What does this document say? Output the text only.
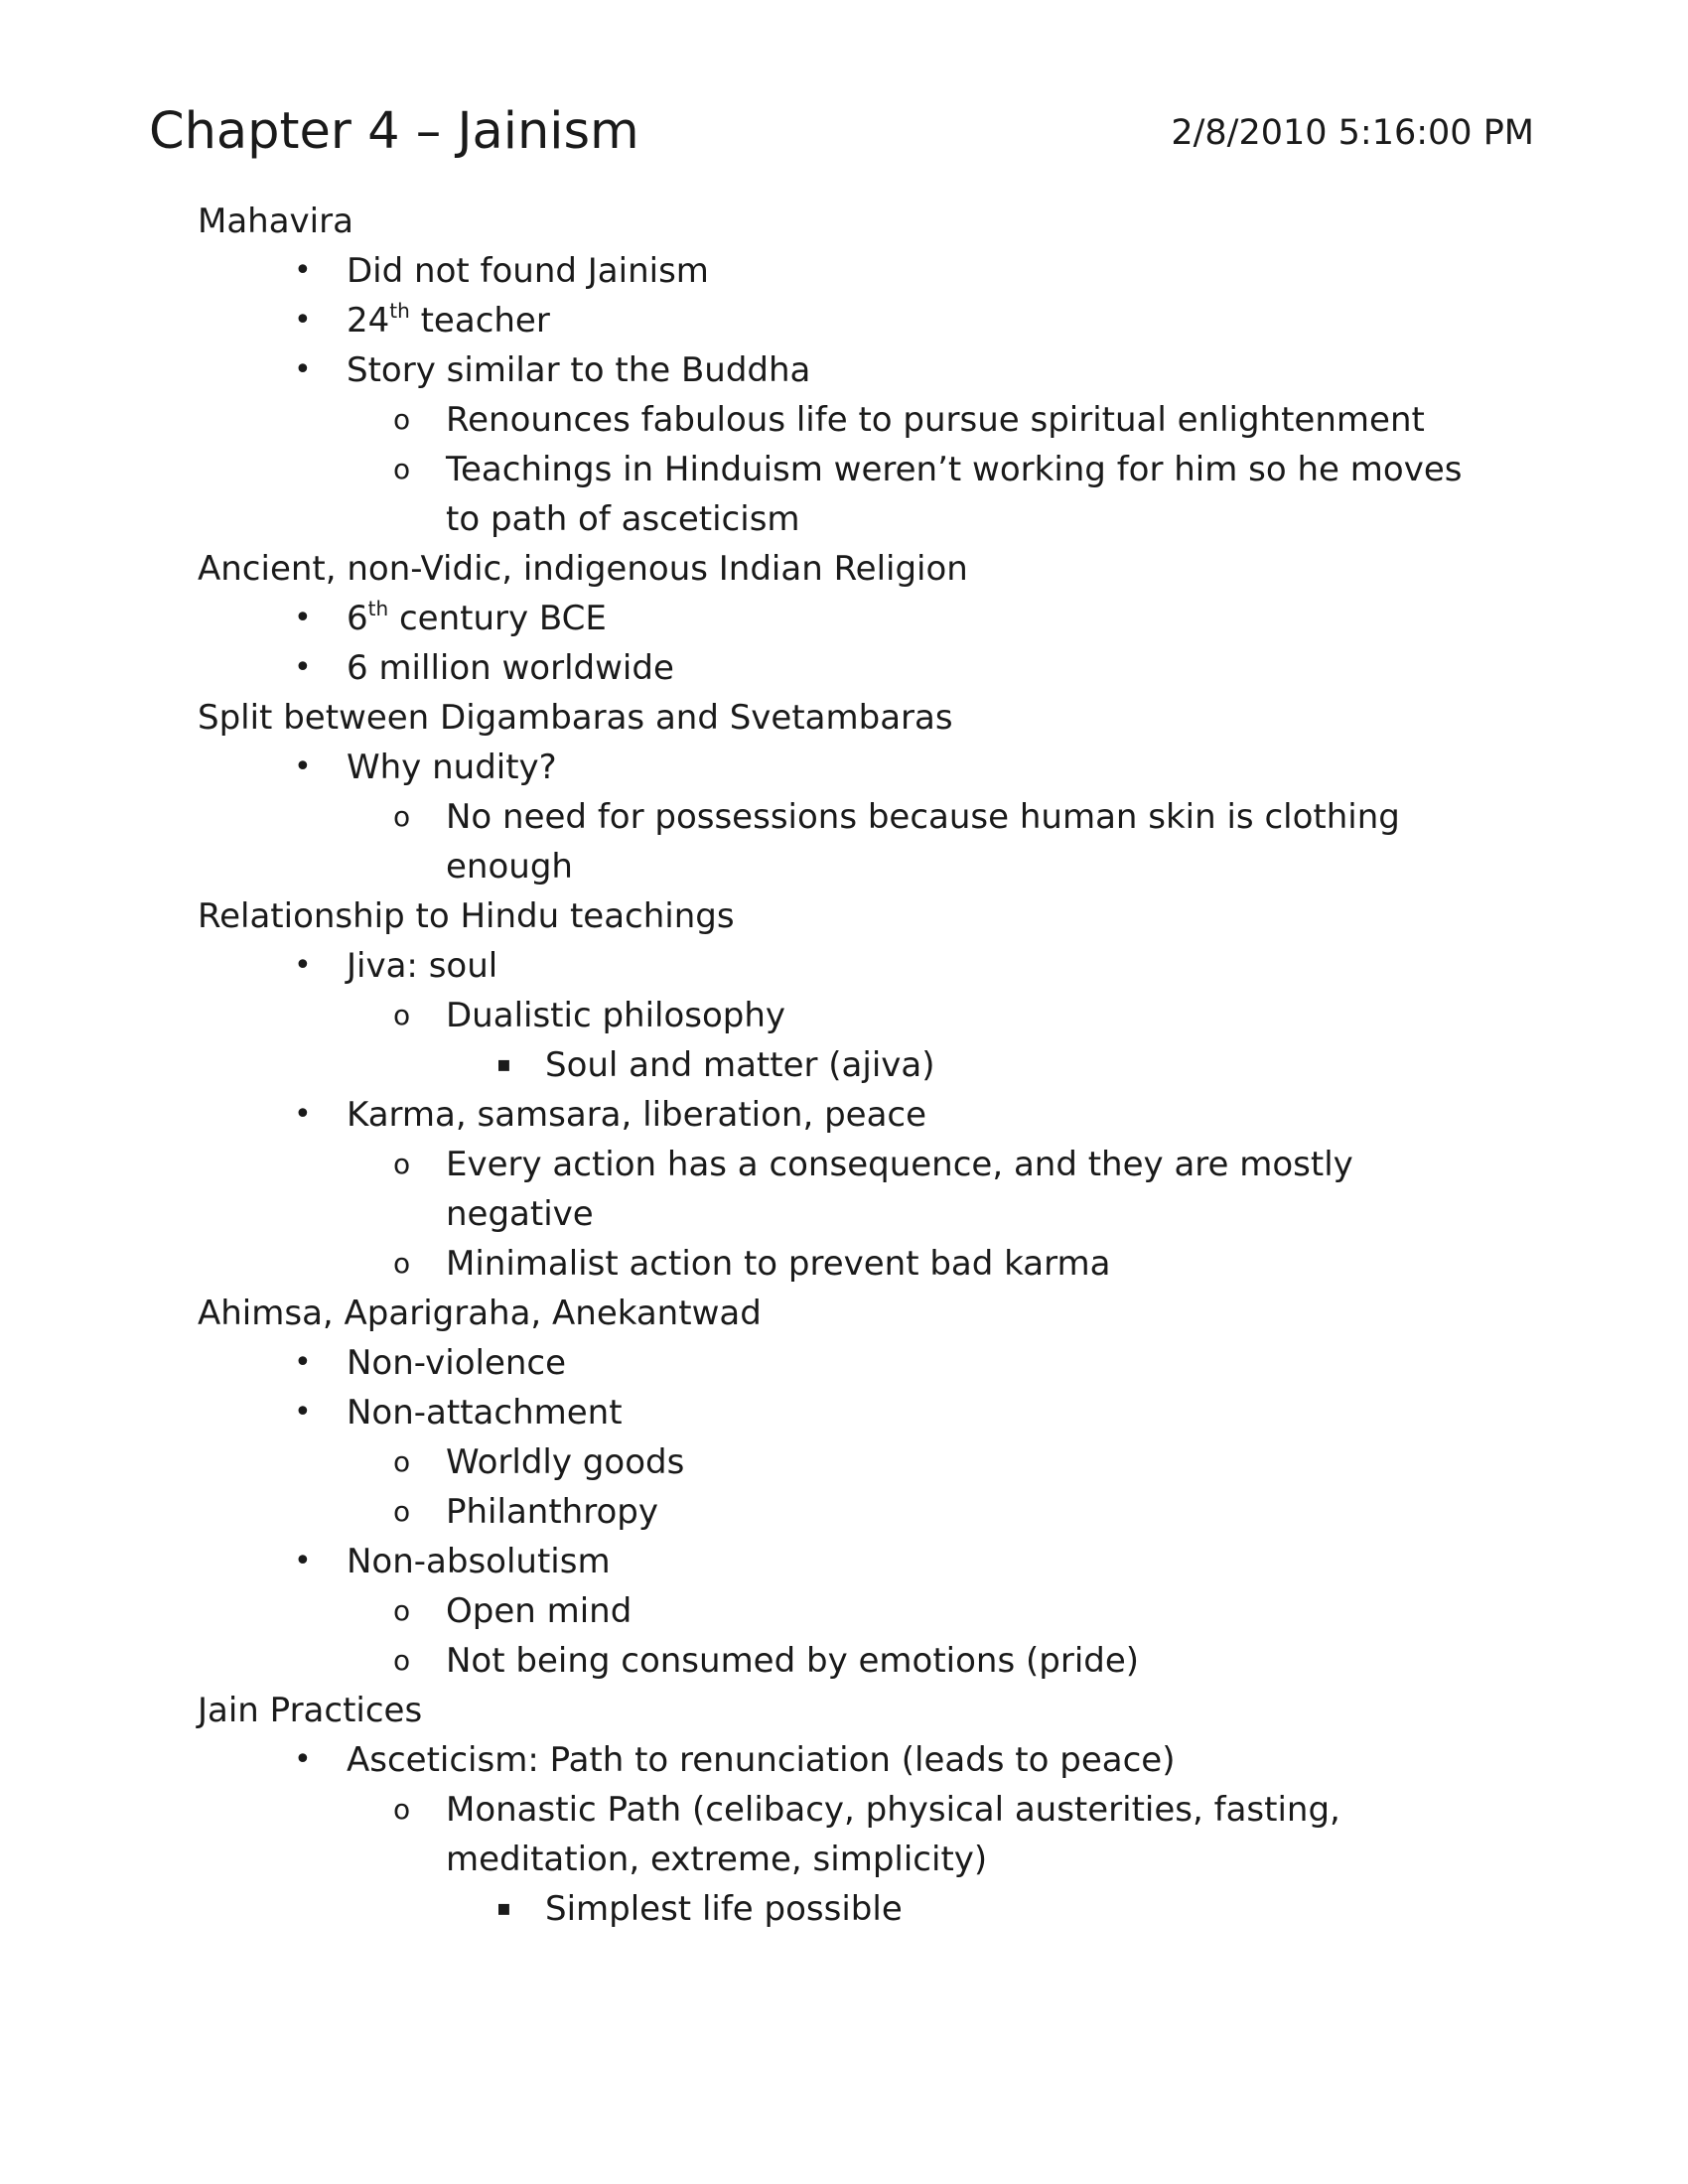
Chapter 4 – Jainism	2/8/2010 5:16:00 PM
Mahavira
• Did not found Jainism
• 24th teacher
• Story similar to the Buddha
o Renounces fabulous life to pursue spiritual enlightenment
o Teachings in Hinduism weren’t working for him so he moves
to path of asceticism
Ancient, non-Vidic, indigenous Indian Religion
• 6th century BCE
• 6 million worldwide
Split between Digambaras and Svetambaras
• Why nudity?
o No need for possessions because human skin is clothing
enough
Relationship to Hindu teachings
• Jiva: soul
o Dualistic philosophy
▪ Soul and matter (ajiva)
• Karma, samsara, liberation, peace
o Every action has a consequence, and they are mostly
negative
o Minimalist action to prevent bad karma
Ahimsa, Aparigraha, Anekantwad
• Non-violence
• Non-attachment
o Worldly goods
o Philanthropy
• Non-absolutism
o Open mind
o Not being consumed by emotions (pride)
Jain Practices
• Asceticism: Path to renunciation (leads to peace)
o Monastic Path (celibacy, physical austerities, fasting,
meditation, extreme, simplicity)
▪ Simplest life possible
